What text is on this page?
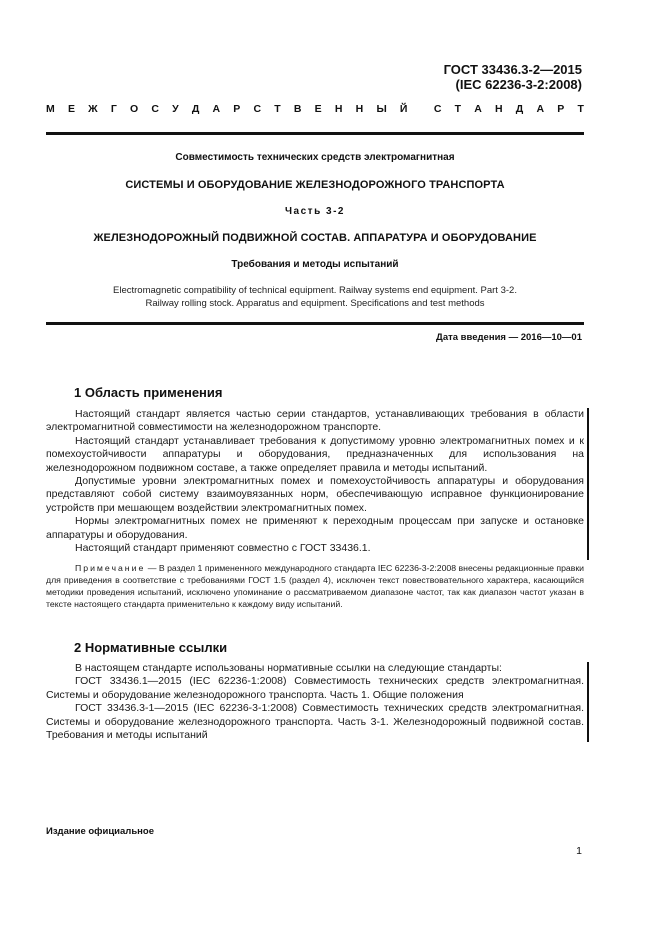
ГОСТ 33436.3-2—2015
(IEC 62236-3-2:2008)
М Е Ж Г О С У Д А Р С Т В Е Н Н Ы Й	С Т А Н Д А Р Т
Совместимость технических средств электромагнитная
СИСТЕМЫ И ОБОРУДОВАНИЕ ЖЕЛЕЗНОДОРОЖНОГО ТРАНСПОРТА
Часть 3-2
ЖЕЛЕЗНОДОРОЖНЫЙ ПОДВИЖНОЙ СОСТАВ. АППАРАТУРА И ОБОРУДОВАНИЕ
Требования и методы испытаний
Electromagnetic compatibility of technical equipment. Railway systems end equipment. Part 3-2.
Railway rolling stock. Apparatus and equipment. Specifications and test methods
Дата введения — 2016—10—01
1 Область применения

Настоящий стандарт является частью серии стандартов, устанавливающих требования в области электромагнитной совместимости на железнодорожном транспорте.

Настоящий стандарт устанавливает требования к допустимому уровню электромагнитных помех и к помехоустойчивости аппаратуры и оборудования, предназначенных для использования на железнодорожном подвижном составе, а также определяет правила и методы испытаний.

Допустимые уровни электромагнитных помех и помехоустойчивость аппаратуры и оборудования представляют собой систему взаимоувязанных норм, обеспечивающую исправное функционирование устройств при мешающем воздействии электромагнитных помех.

Нормы электромагнитных помех не применяют к переходным процессам при запуске и остановке аппаратуры и оборудования.

Настоящий стандарт применяют совместно с ГОСТ 33436.1.

Примечание — В раздел 1 примененного международного стандарта IEC 62236-3-2:2008 внесены редакционные правки для приведения в соответствие с требованиями ГОСТ 1.5 (раздел 4), исключен текст повествовательного характера, касающийся методики проведения испытаний, исключено упоминание о рассматриваемом диапазоне частот, так как диапазон частот указан в тексте настоящего стандарта применительно к каждому виду испытаний.

2 Нормативные ссылки

В настоящем стандарте использованы нормативные ссылки на следующие стандарты:

ГОСТ 33436.1—2015 (IEC 62236-1:2008) Совместимость технических средств электромагнитная. Системы и оборудование железнодорожного транспорта. Часть 1. Общие положения

ГОСТ 33436.3-1—2015 (IEC 62236-3-1:2008) Совместимость технических средств электромагнитная. Системы и оборудование железнодорожного транспорта. Часть 3-1. Железнодорожный подвижной состав. Требования и методы испытаний

Издание официальное
1
